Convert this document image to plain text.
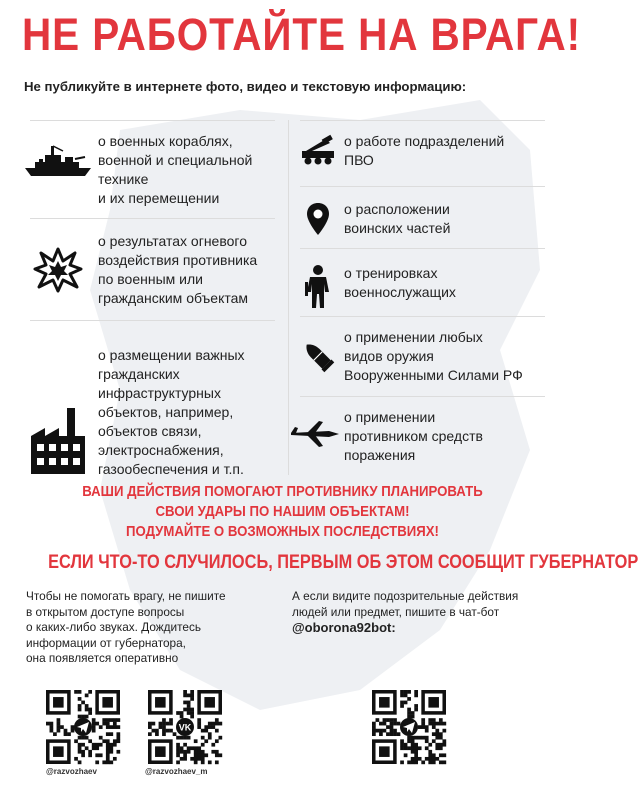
НЕ РАБОТАЙТЕ НА ВРАГА!
Не публикуйте в интернете фото, видео и текстовую информацию:
о военных кораблях,
военной и специальной
технике
и их перемещении
о результатах огневого
воздействия противника
по военным или
гражданским объектам
о размещении важных
гражданских
инфраструктурных
объектов, например,
объектов связи,
электроснабжения,
газообеспечения и т.п.
о работе подразделений
ПВО
о расположении
воинских частей
о тренировках
военнослужащих
о применении любых
видов оружия
Вооруженными Силами РФ
о применении
противником средств
поражения
ВАШИ ДЕЙСТВИЯ ПОМОГАЮТ ПРОТИВНИКУ ПЛАНИРОВАТЬ
СВОИ УДАРЫ ПО НАШИМ ОБЪЕКТАМ!
ПОДУМАЙТЕ О ВОЗМОЖНЫХ ПОСЛЕДСТВИЯХ!
ЕСЛИ ЧТО-ТО СЛУЧИЛОСЬ, ПЕРВЫМ ОБ ЭТОМ СООБЩИТ ГУБЕРНАТОР
Чтобы не помогать врагу, не пишите
в открытом доступе вопросы
о каких-либо звуках. Дождитесь
информации от губернатора,
она появляется оперативно
А если видите подозрительные действия
людей или предмет, пишите в чат-бот
@oborona92bot:
@razvozhaev
VK
@razvozhaev_m
